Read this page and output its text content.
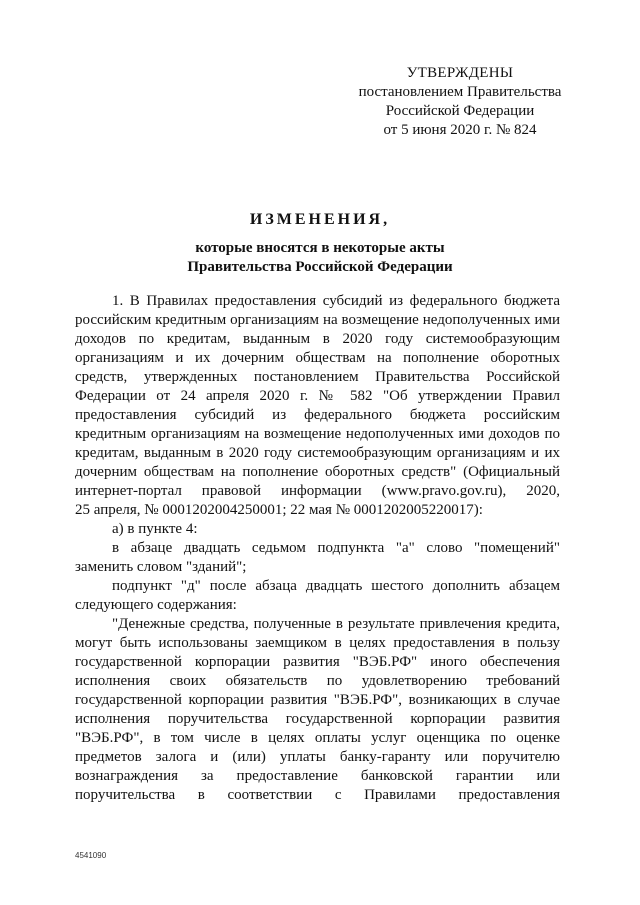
УТВЕРЖДЕНЫ
постановлением Правительства
Российской Федерации
от 5 июня 2020 г. № 824
ИЗМЕНЕНИЯ,
которые вносятся в некоторые акты
Правительства Российской Федерации
1. В Правилах предоставления субсидий из федерального бюджета
российским кредитным организациям на возмещение недополученных ими
доходов по кредитам, выданным в 2020 году системообразующим
организациям и их дочерним обществам на пополнение оборотных
средств, утвержденных постановлением Правительства Российской
Федерации от 24 апреля 2020 г. № 582 "Об утверждении Правил
предоставления субсидий из федерального бюджета российским
кредитным организациям на возмещение недополученных ими доходов по
кредитам, выданным в 2020 году системообразующим организациям и их
дочерним обществам на пополнение оборотных средств" (Официальный
интернет-портал правовой информации (www.pravo.gov.ru), 2020,
25 апреля, № 0001202004250001; 22 мая № 0001202005220017):
а) в пункте 4:
в абзаце двадцать седьмом подпункта "а" слово "помещений"
заменить словом "зданий";
подпункт "д" после абзаца двадцать шестого дополнить абзацем
следующего содержания:
"Денежные средства, полученные в результате привлечения кредита,
могут быть использованы заемщиком в целях предоставления в пользу
государственной корпорации развития "ВЭБ.РФ" иного обеспечения
исполнения своих обязательств по удовлетворению требований
государственной корпорации развития "ВЭБ.РФ", возникающих в случае
исполнения поручительства государственной корпорации развития
"ВЭБ.РФ", в том числе в целях оплаты услуг оценщика по оценке
предметов залога и (или) уплаты банку-гаранту или поручителю
вознаграждения за предоставление банковской гарантии или
поручительства в соответствии с Правилами предоставления
4541090
